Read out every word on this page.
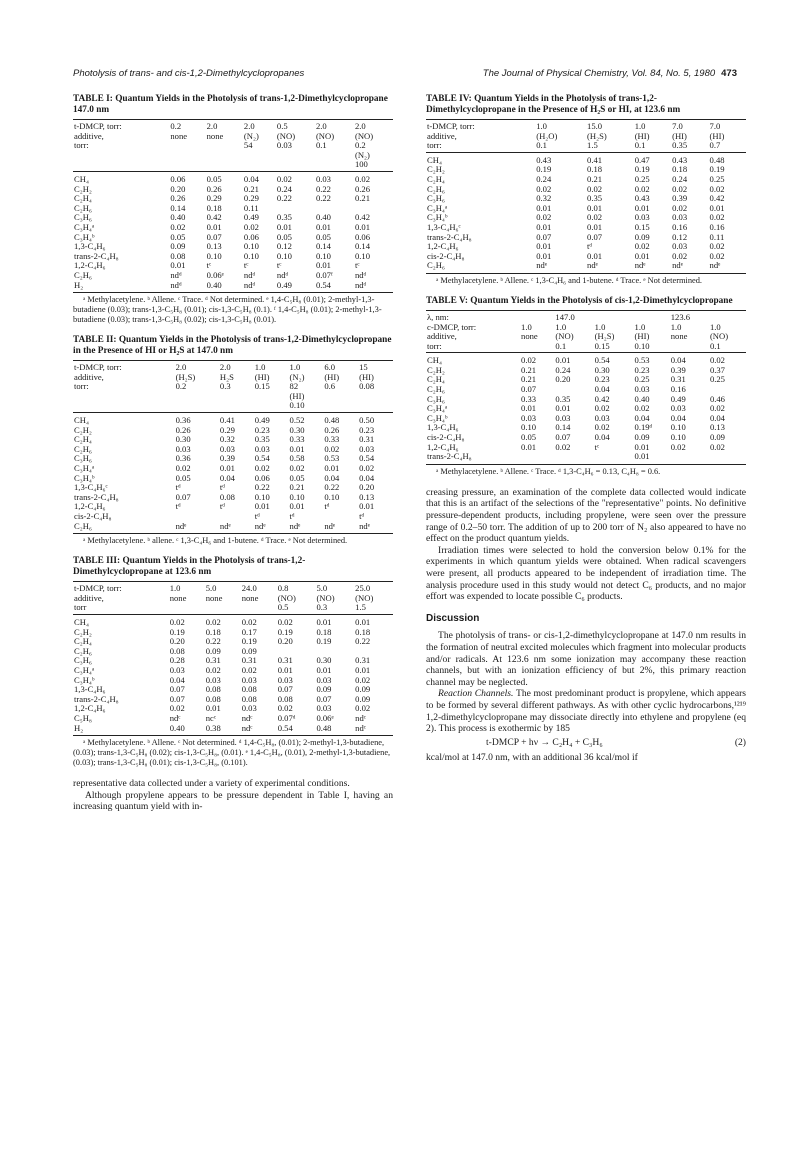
Photolysis of trans- and cis-1,2-Dimethylcyclopropanes	The Journal of Physical Chemistry, Vol. 84, No. 5, 1980 473
TABLE I: Quantum Yields in the Photolysis of trans-1,2-Dimethylcyclopropane 147.0 nm
t-DMCP, torr:	0.2	2.0	2.0	0.5	2.0	2.0
additive,	none	none	(N₂)	(NO)	(NO)	(NO)
torr:			54	0.03	0.1	0.2
						(N₂)
						100
CH₄	0.06	0.05	0.04	0.02	0.03	0.02
C₂H₂	0.20	0.26	0.21	0.24	0.22	0.26
C₂H₄	0.26	0.29	0.29	0.22	0.22	0.21
C₂H₆	0.14	0.18	0.11			
C₃H₆	0.40	0.42	0.49	0.35	0.40	0.42
C₃H₄ᵃ	0.02	0.01	0.02	0.01	0.01	0.01
C₃H₄ᵇ	0.05	0.07	0.06	0.05	0.05	0.06
1,3-C₄H₆	0.09	0.13	0.10	0.12	0.14	0.14
trans-2-C₄H₈	0.08	0.10	0.10	0.10	0.10	0.10
1,2-C₄H₆	0.01	tᶜ	tᶜ	tᶜ	0.01	tᶜ
C₂H₆	ndᵈ	0.06ᵉ	ndᵈ	ndᵈ	0.07ᶠ	ndᵈ
H₂	ndᵈ	0.40	ndᵈ	0.49	0.54	ndᵈ
ᵃ Methylacetylene. ᵇ Allene. ᶜ Trace. ᵈ Not determined. ᵉ 1,4-C₅H₈ (0.01); 2-methyl-1,3-butadiene (0.03); trans-1,3-C₅H₈ (0.01); cis-1,3-C₅H₈ (0.1). ᶠ 1,4-C₅H₈ (0.01); 2-methyl-1,3-butadiene (0.03); trans-1,3-C₅H₈ (0.02); cis-1,3-C₅H₈ (0.01).
TABLE II: Quantum Yields in the Photolysis of trans-1,2-Dimethylcyclopropane in the Presence of HI or H₂S at 147.0 nm
t-DMCP, torr:	2.0	2.0	1.0	1.0	6.0	15
additive,	(H₂S)	H₂S	(HI)	(N₂)	(HI)	(HI)
torr:	0.2	0.3	0.15	82	0.6	0.08
				(HI)		
				0.10		
CH₄	0.36	0.41	0.49	0.52	0.48	0.50
C₂H₂	0.26	0.29	0.23	0.30	0.26	0.23
C₂H₄	0.30	0.32	0.35	0.33	0.33	0.31
C₂H₆	0.03	0.03	0.03	0.01	0.02	0.03
C₃H₆	0.36	0.39	0.54	0.58	0.53	0.54
C₃H₄ᵃ	0.02	0.01	0.02	0.02	0.01	0.02
C₃H₄ᵇ	0.05	0.04	0.06	0.05	0.04	0.04
1,3-C₄H₆ᶜ	tᵈ	tᵈ	0.22	0.21	0.22	0.20
trans-2-C₄H₈	0.07	0.08	0.10	0.10	0.10	0.13
1,2-C₄H₆	tᵈ	tᵈ	0.01	0.01	tᵈ	0.01
cis-2-C₄H₈			tᵈ	tᵈ		tᵈ
C₂H₆	ndᵉ	ndᵉ	ndᵉ	ndᵉ	ndᵉ	ndᵉ
ᵃ Methylacetylene. ᵇ allene. ᶜ 1,3-C₄H₆ and 1-butene. ᵈ Trace. ᵉ Not determined.
TABLE III: Quantum Yields in the Photolysis of trans-1,2-Dimethylcyclopropane at 123.6 nm
t-DMCP, torr:	1.0	5.0	24.0	0.8	5.0	25.0
additive,	none	none	none	(NO)	(NO)	(NO)
torr				0.5	0.3	1.5
CH₄	0.02	0.02	0.02	0.02	0.01	0.01
C₂H₂	0.19	0.18	0.17	0.19	0.18	0.18
C₂H₄	0.20	0.22	0.19	0.20	0.19	0.22
C₂H₆	0.08	0.09	0.09			
C₃H₆	0.28	0.31	0.31	0.31	0.30	0.31
C₃H₄ᵃ	0.03	0.02	0.02	0.01	0.01	0.01
C₃H₄ᵇ	0.04	0.03	0.03	0.03	0.03	0.02
1,3-C₄H₆	0.07	0.08	0.08	0.07	0.09	0.09
trans-2-C₄H₈	0.07	0.08	0.08	0.08	0.07	0.09
1,2-C₄H₆	0.02	0.01	0.03	0.02	0.03	0.02
C₅H₈	ndᶜ	ncᶜ	ndᶜ	0.07ᵈ	0.06ᵉ	ndᶜ
H₂	0.40	0.38	ndᶜ	0.54	0.48	ndᶜ
ᵃ Methylacetylene. ᵇ Allene. ᶜ Not determined. ᵈ 1,4-C₅H₈, (0.01); 2-methyl-1,3-butadiene, (0.03); trans-1,3-C₅H₈ (0.02); cis-1,3-C₅H₈, (0.01). ᵉ 1,4-C₅H₈, (0.01), 2-methyl-1,3-butadiene, (0.03); trans-1,3-C₅H₈ (0.01); cis-1,3-C₅H₈, (0.101).

representative data collected under a variety of experimental conditions.

Although propylene appears to be pressure dependent in Table I, having an increasing quantum yield with in-

TABLE IV: Quantum Yields in the Photolysis of trans-1,2-Dimethylcyclopropane in the Presence of H₂S or HI, at 123.6 nm
t-DMCP, torr:	1.0	15.0	1.0	7.0	7.0
additive,	(H₂O)	(H₂S)	(HI)	(HI)	(HI)
torr:	0.1	1.5	0.1	0.35	0.7
CH₄	0.43	0.41	0.47	0.43	0.48
C₂H₂	0.19	0.18	0.19	0.18	0.19
C₂H₄	0.24	0.21	0.25	0.24	0.25
C₂H₆	0.02	0.02	0.02	0.02	0.02
C₃H₆	0.32	0.35	0.43	0.39	0.42
C₃H₄ᵃ	0.01	0.01	0.01	0.02	0.01
C₃H₄ᵇ	0.02	0.02	0.03	0.03	0.02
1,3-C₄H₆ᶜ	0.01	0.01	0.15	0.16	0.16
trans-2-C₄H₈	0.07	0.07	0.09	0.12	0.11
1,2-C₄H₆	0.01	tᵈ	0.02	0.03	0.02
cis-2-C₄H₈	0.01	0.01	0.01	0.02	0.02
C₂H₆	ndᵉ	ndᵉ	ndᵉ	ndᵉ	ndᵉ
ᵃ Methylacetylene. ᵇ Allene. ᶜ 1,3-C₄H₆ and 1-butene. ᵈ Trace. ᵉ Not determined.
TABLE V: Quantum Yields in the Photolysis of cis-1,2-Dimethylcyclopropane
λ, nm:		147.0			123.6	
c-DMCP, torr:	1.0	1.0	1.0	1.0	1.0	1.0
additive,	none	(NO)	(H₂S)	(HI)	none	(NO)
torr:		0.1	0.15	0.10		0.1
CH₄	0.02	0.01	0.54	0.53	0.04	0.02
C₂H₂	0.21	0.24	0.30	0.23	0.39	0.37
C₂H₄	0.21	0.20	0.23	0.25	0.31	0.25
C₂H₆	0.07		0.04	0.03	0.16	
C₃H₆	0.33	0.35	0.42	0.40	0.49	0.46
C₃H₄ᵃ	0.01	0.01	0.02	0.02	0.03	0.02
C₃H₄ᵇ	0.03	0.03	0.03	0.04	0.04	0.04
1,3-C₄H₆	0.10	0.14	0.02	0.19ᵈ	0.10	0.13
cis-2-C₄H₈	0.05	0.07	0.04	0.09	0.10	0.09
1,2-C₄H₆	0.01	0.02	tᶜ	0.01	0.02	0.02
trans-2-C₄H₈				0.01		
ᵃ Methylacetylene. ᵇ Allene. ᶜ Trace. ᵈ 1,3-C₄H₆ = 0.13, C₄H₈ = 0.6.

creasing pressure, an examination of the complete data collected would indicate that this is an artifact of the selections of the "representative" points. No definitive pressure-dependent products, including propylene, were seen over the pressure range of 0.2–50 torr. The addition of up to 200 torr of N₂ also appeared to have no effect on the product quantum yields.

Irradiation times were selected to hold the conversion below 0.1% for the experiments in which quantum yields were obtained. When radical scavengers were present, all products appeared to be independent of irradiation time. The analysis procedure used in this study would not detect C₆ products, and no major effort was expended to locate possible C₆ products.

Discussion

The photolysis of trans- or cis-1,2-dimethylcyclopropane at 147.0 nm results in the formation of neutral excited molecules which fragment into molecular products and/or radicals. At 123.6 nm some ionization may accompany these reaction channels, but with an ionization efficiency of but 2%, this primary reaction channel may be neglected.

Reaction Channels. The most predominant product is propylene, which appears to be formed by several different pathways. As with other cyclic hydrocarbons,¹²¹⁹ 1,2-dimethylcyclopropane may dissociate directly into ethylene and propylene (eq 2). This process is exothermic by 185

t-DMCP + hν → C₂H₄ + C₃H₆	(2)

kcal/mol at 147.0 nm, with an additional 36 kcal/mol if
